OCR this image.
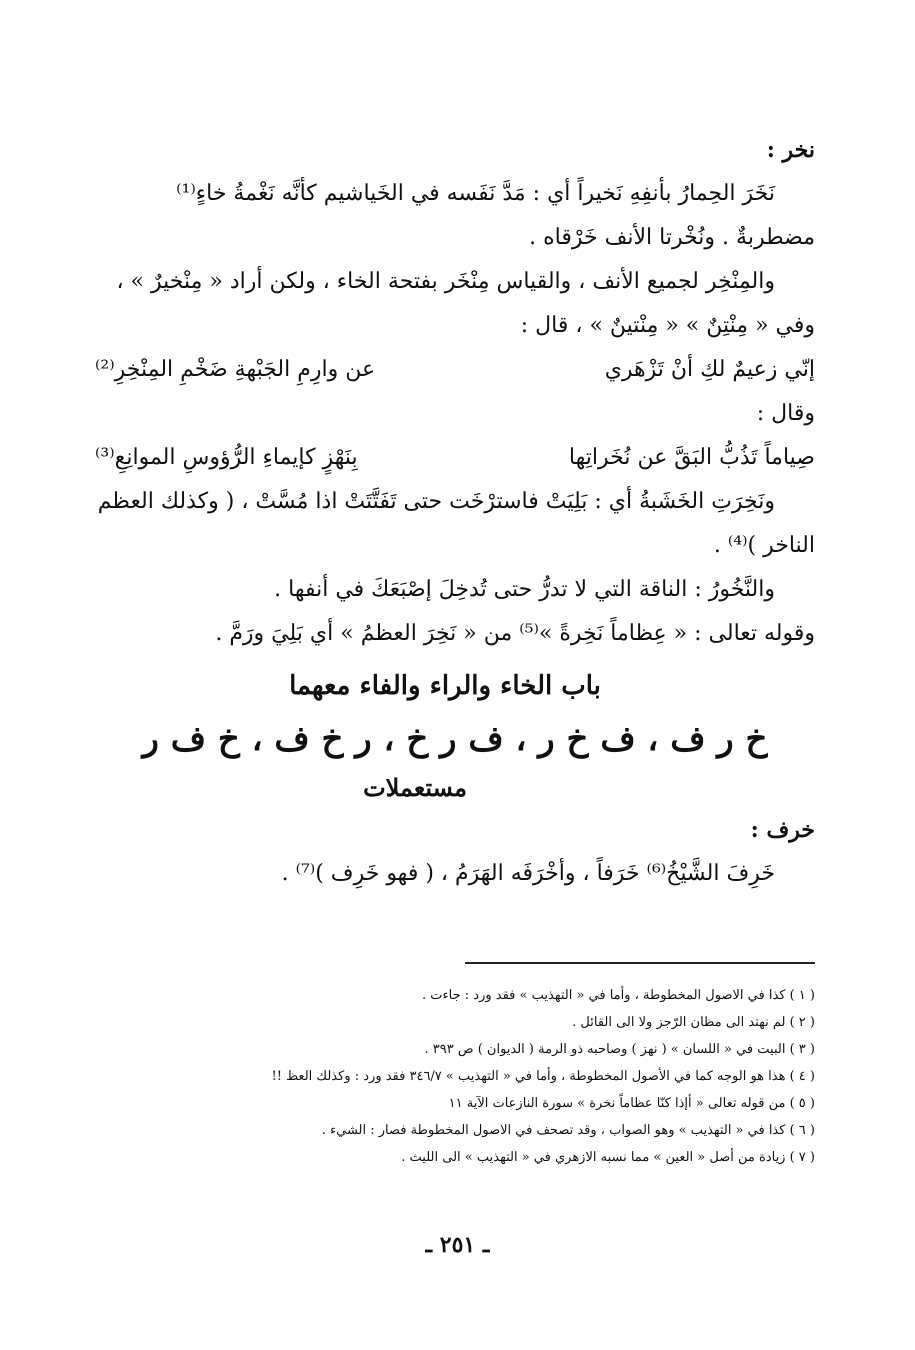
نخر :
نَخَرَ الحِمارُ بأنفِهِ نَخيراً أي : مَدَّ نَفَسه في الخَياشيم كأنَّه نَغْمةُ خاءٍ⁽¹⁾
مضطربةٌ . ونُخْرتا الأنف خَرْقاه .
والمِنْخِر لجميع الأنف ، والقياس مِنْخَر بفتحة الخاء ، ولكن أراد « مِنْخيرٌ » ،
وفي « مِنْتِنٌ » « مِنْتينٌ » ، قال :
إنّي زعيمٌ لكِ أنْ تَزْهَري
عن وارِمِ الجَبْهةِ ضَخْمِ المِنْخِرِ⁽²⁾
وقال :
صِياماً تَذُبُّ البَقَّ عن نُخَراتِها
بِنَهْزٍ كإيماءِ الرُّؤوسِ الموانِعِ⁽³⁾
ونَخِرَتِ الخَشَبةُ أي : بَلِيَتْ فاسترْخَت حتى تَفَتَّتَتْ اذا مُسَّتْ ، ( وكذلك العظم
الناخر )⁽⁴⁾ .
والنَّخُورُ : الناقة التي لا تدرُّ حتى تُدخِلَ إصْبَعَكَ في أنفها .
وقوله تعالى : « عِظاماً نَخِرةً »⁽⁵⁾ من « نَخِرَ العظمُ » أي بَلِيَ ورَمَّ .
باب الخاء والراء والفاء معهما
خ ر ف ، ف خ ر ، ف ر خ ، ر خ ف ، خ ف ر
مستعملات
خرف :
خَرِفَ الشَّيْخُ⁽⁶⁾ خَرَفاً ، وأخْرَفَه الهَرَمُ ، ( فهو خَرِف )⁽⁷⁾ .
( ١ ) كذا في الاصول المخطوطة ، وأما في « التهذيب » فقد ورد : جاءت .
( ٢ ) لم نهتد الى مظان الرّجز ولا الى القائل .
( ٣ ) البيت في « اللسان » ( نهز ) وصاحبه ذو الرمة ( الديوان ) ص ٣٩٣ .
( ٤ ) هذا هو الوجه كما في الأصول المخطوطة ، وأما في « التهذيب » ٣٤٦/٧ فقد ورد : وكذلك العظ !!
( ٥ ) من قوله تعالى « أإذا كنّا عظاماً نخرة » سورة النازعات الآية ١١
( ٦ ) كذا في « التهذيب » وهو الصواب ، وقد تصحف في الاصول المخطوطة فصار : الشيء .
( ٧ ) زيادة من أصل « العين » مما نسبه الازهري في « التهذيب » الى الليث .
ـ ٢٥١ ـ
